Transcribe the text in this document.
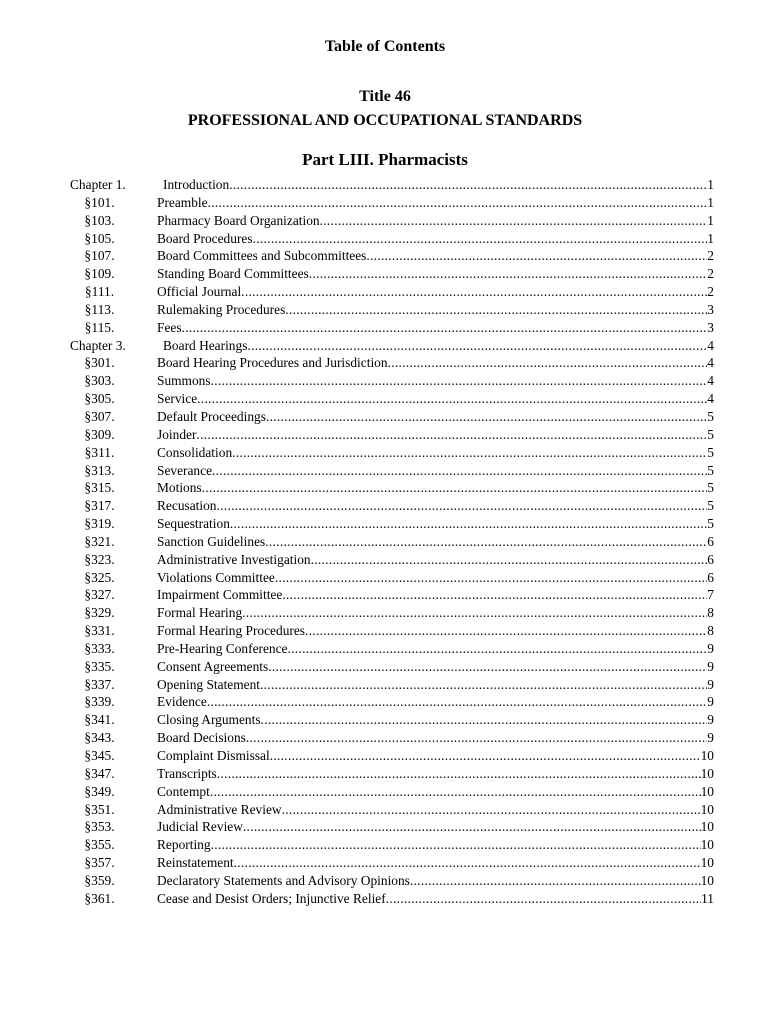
Table of Contents
Title 46
PROFESSIONAL AND OCCUPATIONAL STANDARDS
Part LIII. Pharmacists
Chapter 1.	Introduction .....	1
§101.	Preamble .....	1
§103.	Pharmacy Board Organization .....	1
§105.	Board Procedures .....	1
§107.	Board Committees and Subcommittees .....	2
§109.	Standing Board Committees .....	2
§111.	Official Journal .....	2
§113.	Rulemaking Procedures .....	3
§115.	Fees .....	3
Chapter 3.	Board Hearings .....	4
§301.	Board Hearing Procedures and Jurisdiction .....	4
§303.	Summons .....	4
§305.	Service .....	4
§307.	Default Proceedings .....	5
§309.	Joinder .....	5
§311.	Consolidation .....	5
§313.	Severance .....	5
§315.	Motions .....	5
§317.	Recusation .....	5
§319.	Sequestration .....	5
§321.	Sanction Guidelines .....	6
§323.	Administrative Investigation .....	6
§325.	Violations Committee .....	6
§327.	Impairment Committee .....	7
§329.	Formal Hearing .....	8
§331.	Formal Hearing Procedures .....	8
§333.	Pre-Hearing Conference .....	9
§335.	Consent Agreements .....	9
§337.	Opening Statement .....	9
§339.	Evidence .....	9
§341.	Closing Arguments .....	9
§343.	Board Decisions .....	9
§345.	Complaint Dismissal .....	10
§347.	Transcripts .....	10
§349.	Contempt .....	10
§351.	Administrative Review .....	10
§353.	Judicial Review .....	10
§355.	Reporting .....	10
§357.	Reinstatement .....	10
§359.	Declaratory Statements and Advisory Opinions .....	10
§361.	Cease and Desist Orders; Injunctive Relief .....	11
